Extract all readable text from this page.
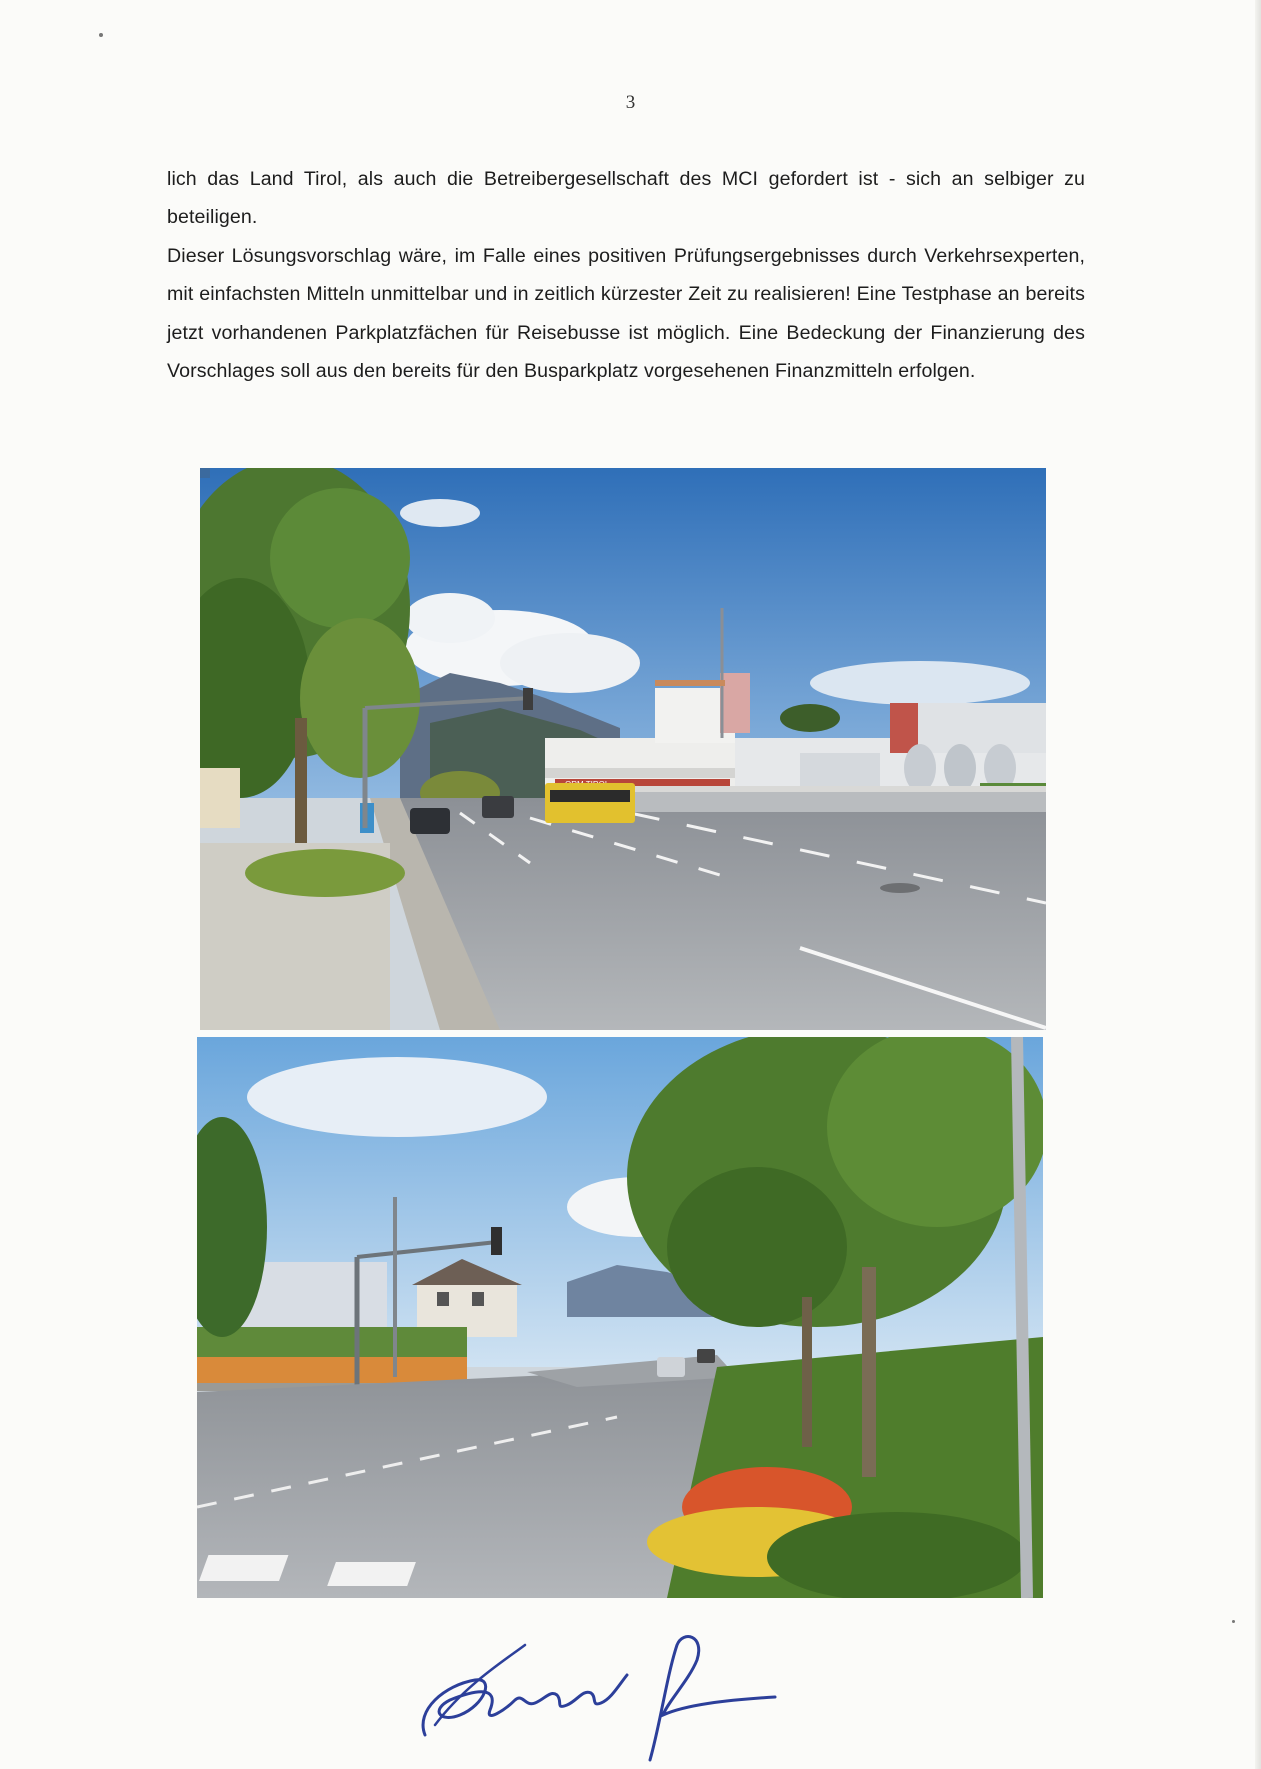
3

lich das Land Tirol, als auch die Betreibergesellschaft des MCI gefordert ist - sich an selbiger zu beteiligen.

Dieser Lösungsvorschlag wäre, im Falle eines positiven Prüfungsergebnisses durch Verkehrsexperten, mit einfachsten Mitteln unmittelbar und in zeitlich kürzester Zeit zu realisieren! Eine Testphase an bereits jetzt vorhandenen Parkplatzfächen für Reisebusse ist möglich. Eine Bedeckung der Finanzierung des Vorschlages soll aus den bereits für den Busparkplatz vorgesehenen Finanzmitteln erfolgen.
